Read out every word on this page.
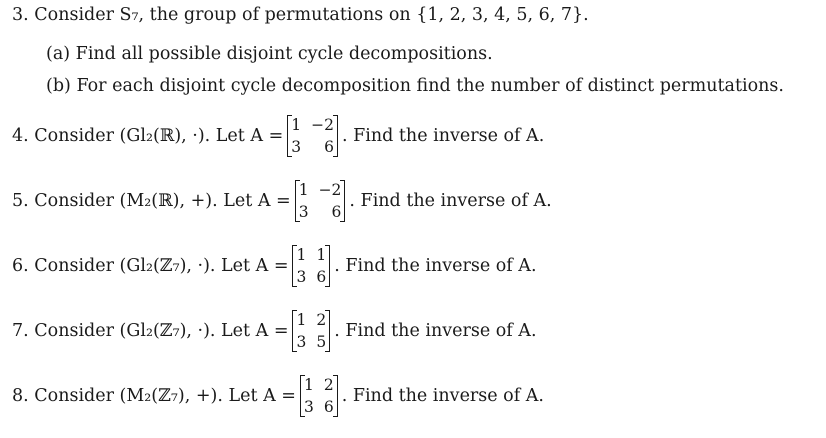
3.
Consider S₇, the group of permutations on {1, 2, 3, 4, 5, 6, 7}.
(a)
Find all possible disjoint cycle decompositions.
(b)
For each disjoint cycle decomposition find the number of distinct permutations.
4.
Consider (Gl₂(ℝ), ·). Let A =
1 −2
3	6
. Find the inverse of A.
5.
Consider (M₂(ℝ), +). Let A =
1 −2
3	6
. Find the inverse of A.
6.
Consider (Gl₂(ℤ₇), ·). Let A =
1 1
3 6
. Find the inverse of A.
7.
Consider (Gl₂(ℤ₇), ·). Let A =
1 2
3 5
. Find the inverse of A.
8.
Consider (M₂(ℤ₇), +). Let A =
1 2
3 6
. Find the inverse of A.
